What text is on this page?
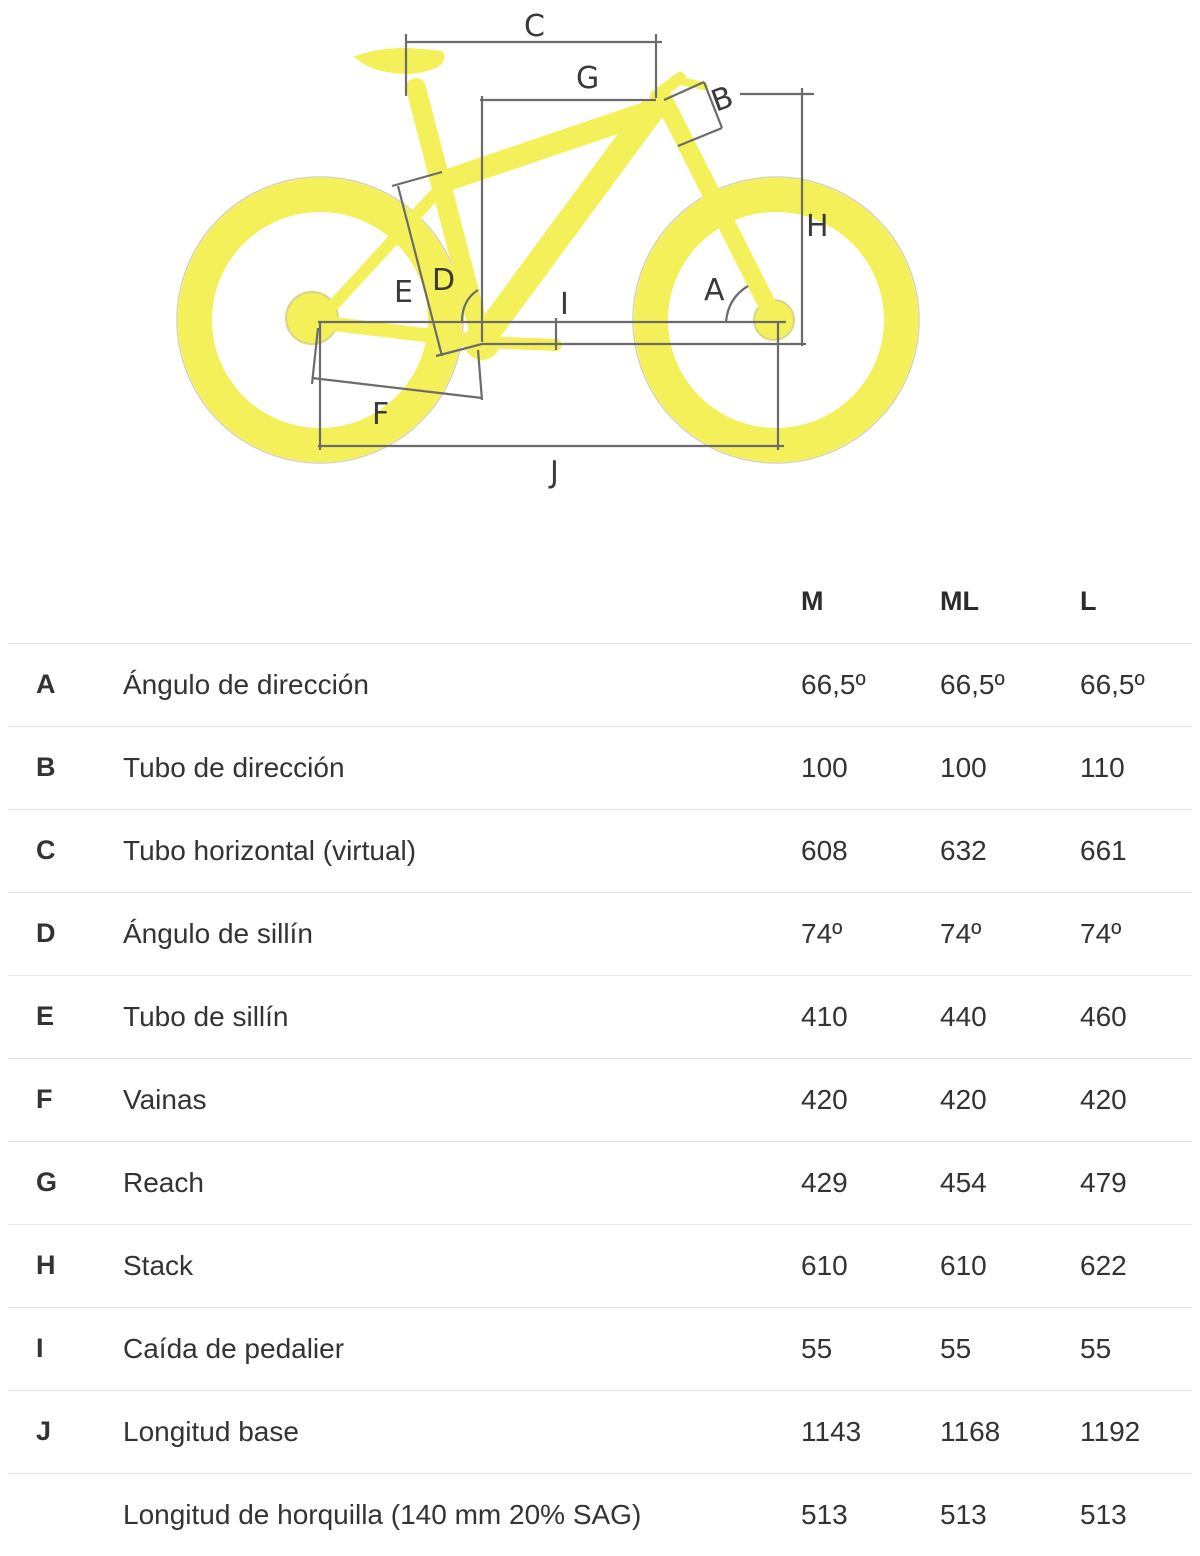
C
G
B
H
A
I
D
E
F
J
		M	ML	L
A	Ángulo de dirección	66,5º	66,5º	66,5º
B	Tubo de dirección	100	100	110
C	Tubo horizontal (virtual)	608	632	661
D	Ángulo de sillín	74º	74º	74º
E	Tubo de sillín	410	440	460
F	Vainas	420	420	420
G	Reach	429	454	479
H	Stack	610	610	622
I	Caída de pedalier	55	55	55
J	Longitud base	1143	1168	1192
	Longitud de horquilla (140 mm 20% SAG)	513	513	513
